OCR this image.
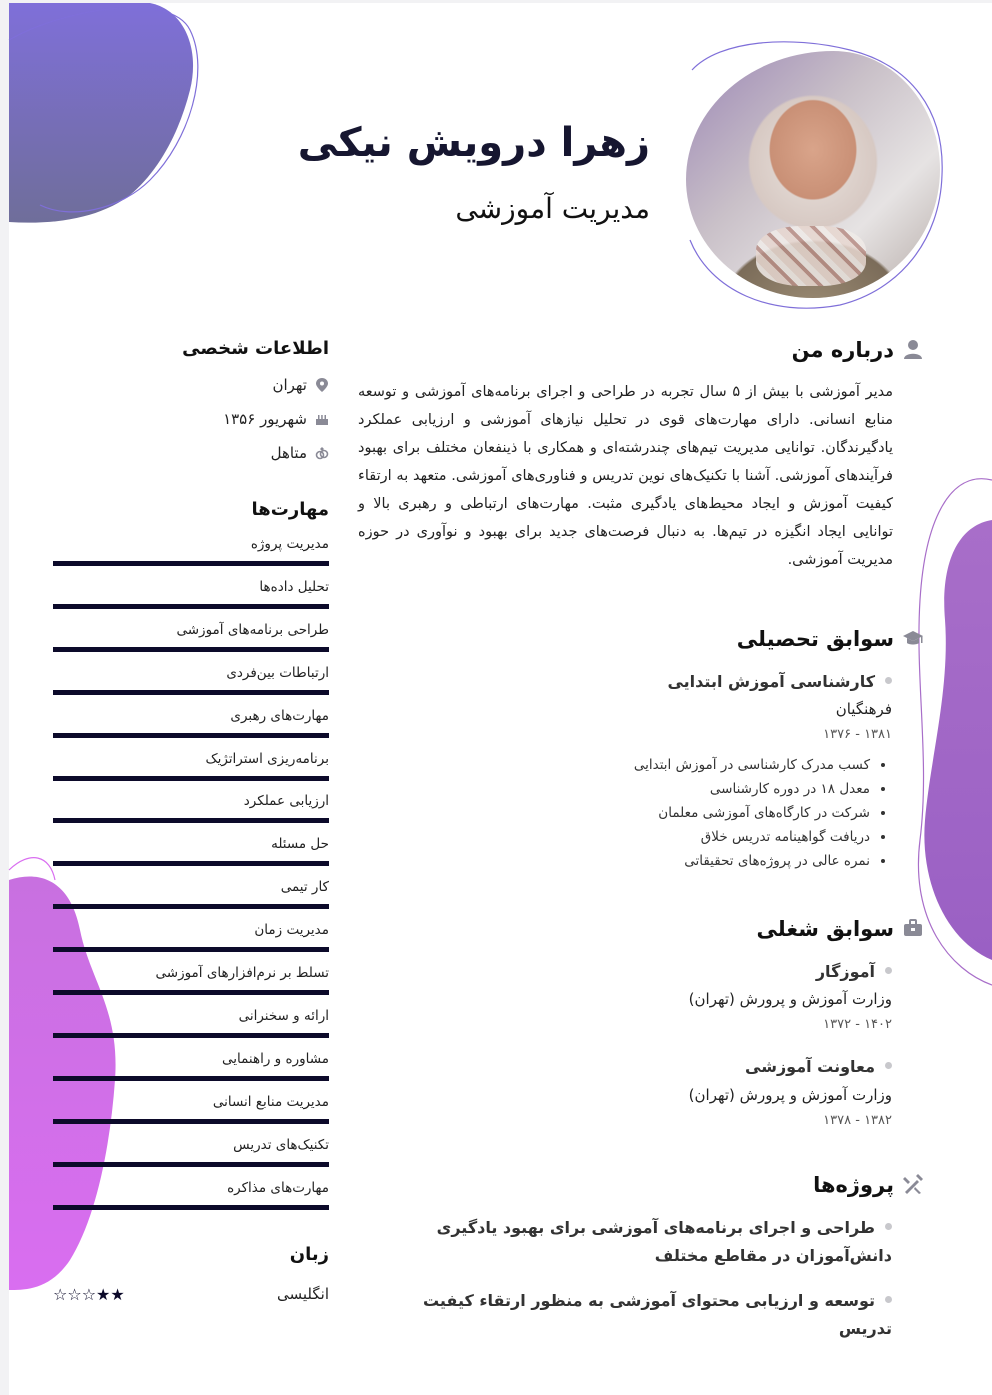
زهرا درویش نیکی
مدیریت آموزشی
درباره من
مدیر آموزشی با بیش از ۵ سال تجربه در طراحی و اجرای برنامه‌های آموزشی و توسعه منابع انسانی. دارای مهارت‌های قوی در تحلیل نیازهای آموزشی و ارزیابی عملکرد یادگیرندگان. توانایی مدیریت تیم‌های چندرشته‌ای و همکاری با ذینفعان مختلف برای بهبود فرآیندهای آموزشی. آشنا با تکنیک‌های نوین تدریس و فناوری‌های آموزشی. متعهد به ارتقاء کیفیت آموزش و ایجاد محیط‌های یادگیری مثبت. مهارت‌های ارتباطی و رهبری بالا و توانایی ایجاد انگیزه در تیم‌ها. به دنبال فرصت‌های جدید برای بهبود و نوآوری در حوزه مدیریت آموزشی.
سوابق تحصیلی
کارشناسی آموزش ابتدایی
فرهنگیان
۱۳۸۱ - ۱۳۷۶
• کسب مدرک کارشناسی در آموزش ابتدایی
• معدل ۱۸ در دوره کارشناسی
• شرکت در کارگاه‌های آموزشی معلمان
• دریافت گواهینامه تدریس خلاق
• نمره عالی در پروژه‌های تحقیقاتی
سوابق شغلی
آموزگار
وزارت آموزش و پرورش (تهران)
۱۴۰۲ - ۱۳۷۲
معاونت آموزشی
وزارت آموزش و پرورش (تهران)
۱۳۸۲ - ۱۳۷۸
پروژه‌ها
طراحی و اجرای برنامه‌های آموزشی برای بهبود یادگیری دانش‌آموزان در مقاطع مختلف
توسعه و ارزیابی محتوای آموزشی به منظور ارتقاء کیفیت تدریس
اطلاعات شخصی
تهران
شهریور ۱۳۵۶
متاهل
مهارت‌ها
مدیریت پروژه
تحلیل داده‌ها
طراحی برنامه‌های آموزشی
ارتباطات بین‌فردی
مهارت‌های رهبری
برنامه‌ریزی استراتژیک
ارزیابی عملکرد
حل مسئله
کار تیمی
مدیریت زمان
تسلط بر نرم‌افزارهای آموزشی
ارائه و سخنرانی
مشاوره و راهنمایی
مدیریت منابع انسانی
تکنیک‌های تدریس
مهارت‌های مذاکره
زبان
انگلیسی
☆☆☆★★
